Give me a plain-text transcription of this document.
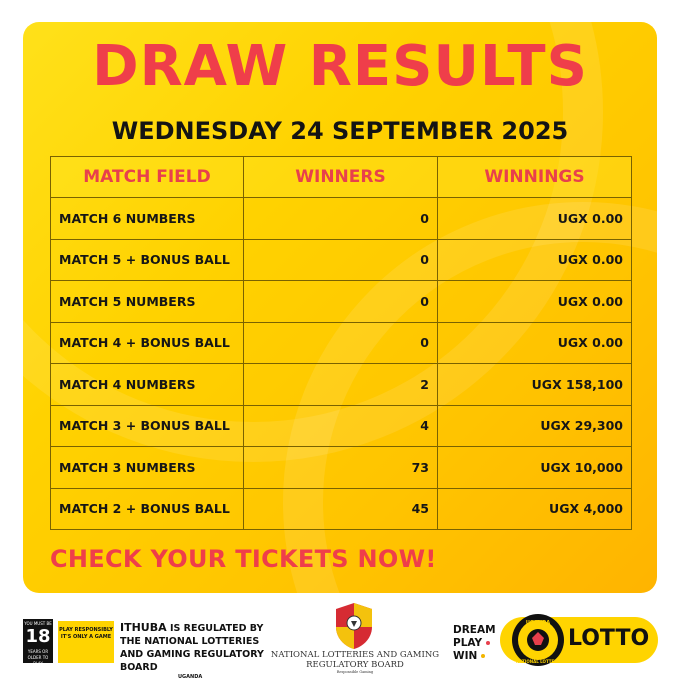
DRAW RESULTS
WEDNESDAY 24 SEPTEMBER 2025
MATCH FIELD	WINNERS	WINNINGS
MATCH 6 NUMBERS	0	UGX 0.00
MATCH 5 + BONUS BALL	0	UGX 0.00
MATCH 5 NUMBERS	0	UGX 0.00
MATCH 4 + BONUS BALL	0	UGX 0.00
MATCH 4 NUMBERS	2	UGX 158,100
MATCH 3 + BONUS BALL	4	UGX 29,300
MATCH 3 NUMBERS	73	UGX 10,000
MATCH 2 + BONUS BALL	45	UGX 4,000
CHECK YOUR TICKETS NOW!
YOU MUST BE
18
YEARS OR OLDER TO PLAY
PLAY RESPONSIBLY IT'S ONLY A GAME
ITHUBA IS REGULATED BY THE NATIONAL LOTTERIES AND GAMING REGULATORY BOARD
UGANDA
NATIONAL LOTTERIES AND GAMING REGULATORY BOARD
Responsible Gaming
DREAM
PLAY
WIN
UGANDA
NATIONAL LOTTERY
LOTTO
